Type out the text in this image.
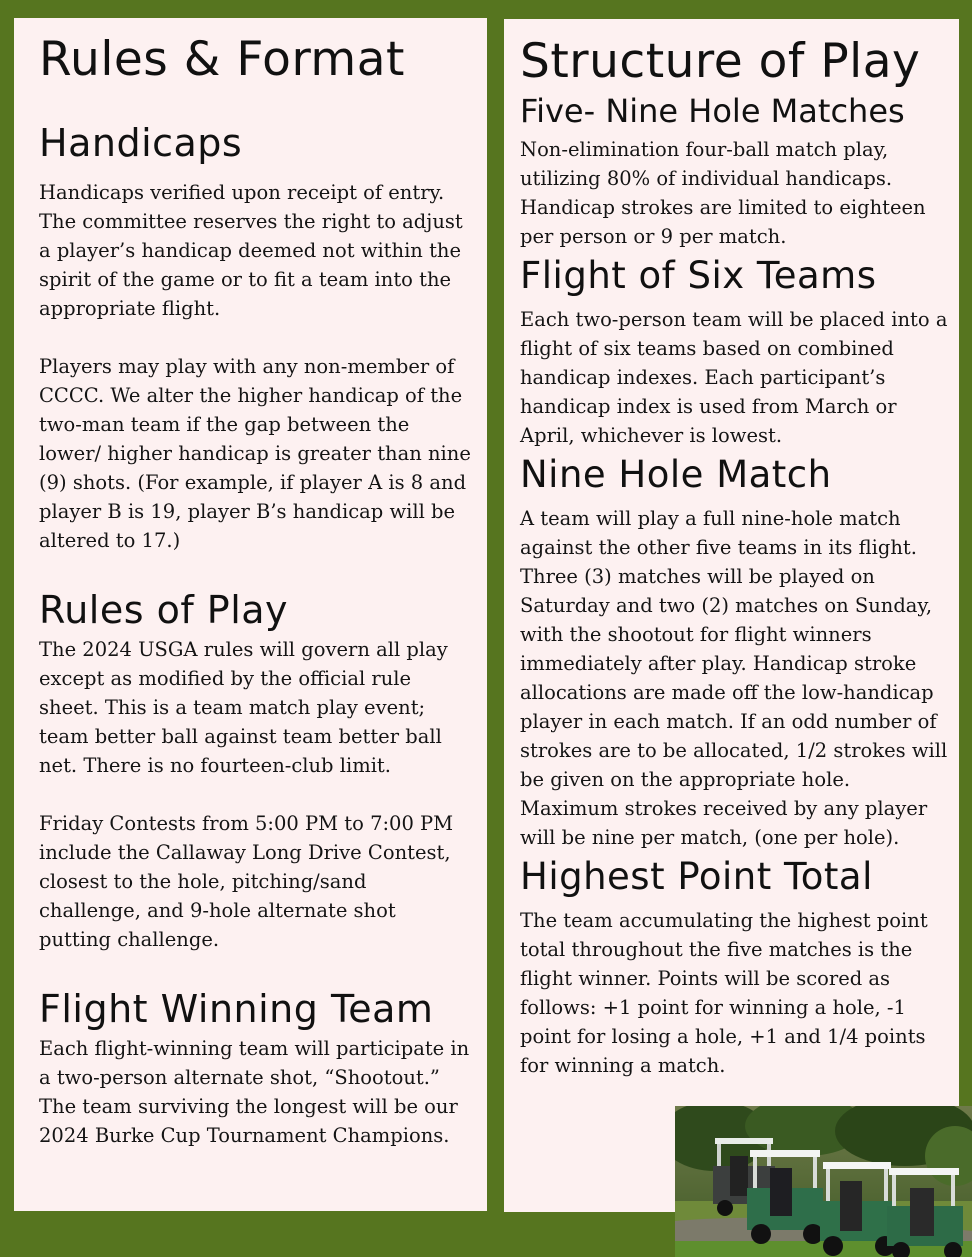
Rules & Format
Handicaps

Handicaps verified upon receipt of entry. The committee reserves the right to adjust a player’s handicap deemed not within the spirit of the game or to fit a team into the appropriate flight.

Players may play with any non-member of CCCC. We alter the higher handicap of the two-man team if the gap between the lower/ higher handicap is greater than nine (9) shots. (For example, if player A is 8 and player B is 19, player B’s handicap will be altered to 17.)

Rules of Play

The 2024 USGA rules will govern all play except as modified by the official rule sheet. This is a team match play event; team better ball against team better ball net. There is no fourteen-club limit.

Friday Contests from 5:00 PM to 7:00 PM include the Callaway Long Drive Contest, closest to the hole, pitching/sand challenge, and 9-hole alternate shot putting challenge.

Flight Winning Team

Each flight-winning team will participate in a two-person alternate shot, “Shootout.” The team surviving the longest will be our 2024 Burke Cup Tournament Champions.

Structure of Play
Five- Nine Hole Matches

Non-elimination four-ball match play, utilizing 80% of individual handicaps. Handicap strokes are limited to eighteen per person or 9 per match.

Flight of Six Teams

Each two-person team will be placed into a flight of six teams based on combined handicap indexes. Each participant’s handicap index is used from March or April, whichever is lowest.

Nine Hole Match

A team will play a full nine-hole match against the other five teams in its flight. Three (3) matches will be played on Saturday and two (2) matches on Sunday, with the shootout for flight winners immediately after play. Handicap stroke allocations are made off the low-handicap player in each match. If an odd number of strokes are to be allocated, 1/2 strokes will be given on the appropriate hole. Maximum strokes received by any player will be nine per match, (one per hole).

Highest Point Total

The team accumulating the highest point total throughout the five matches is the flight winner. Points will be scored as follows: +1 point for winning a hole, -1 point for losing a hole, +1 and 1/4 points for winning a match.
